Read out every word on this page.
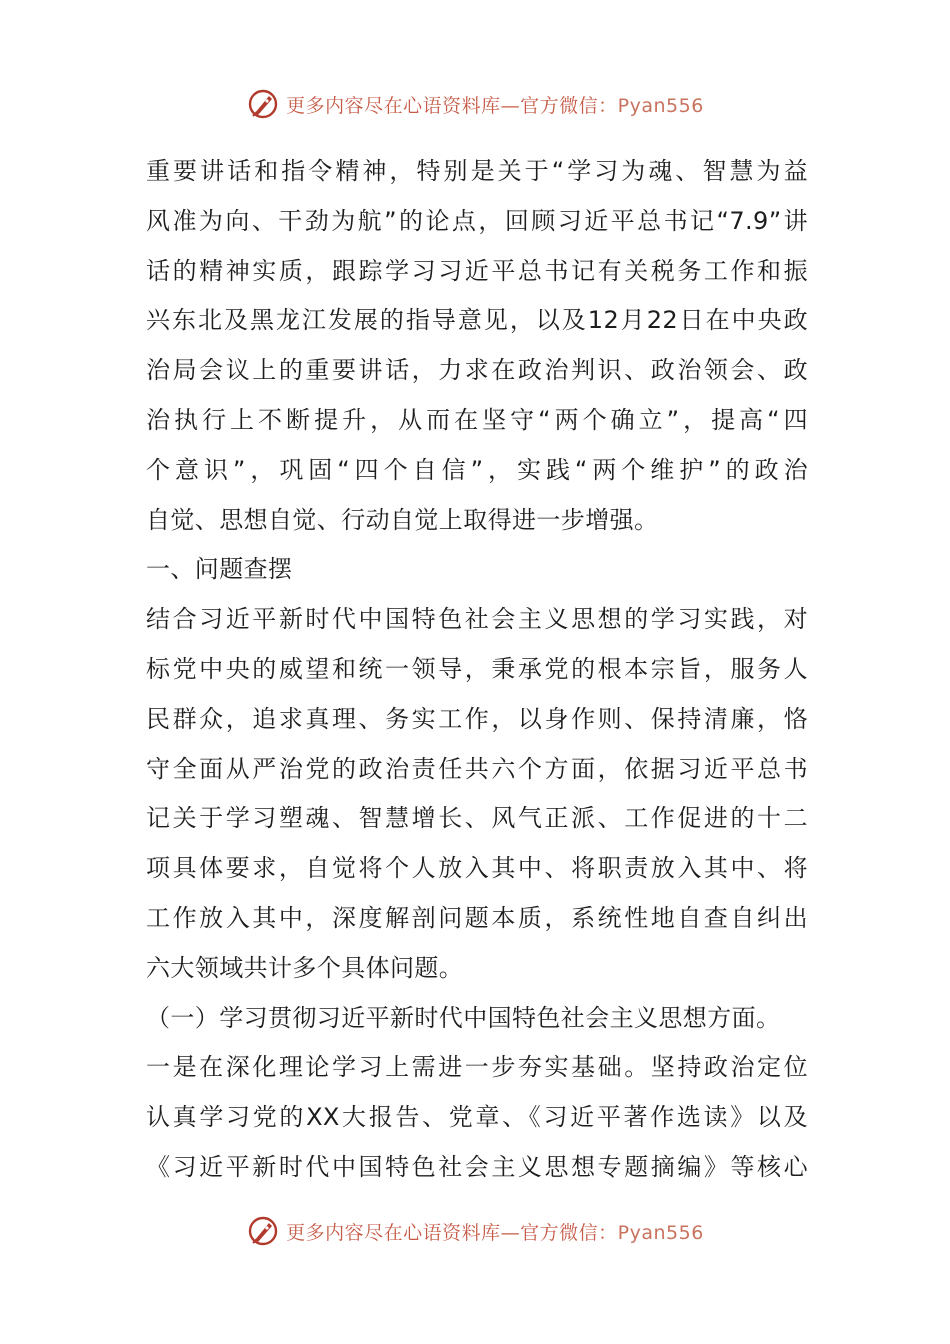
更多内容尽在心语资料库—官方微信：Pyan556
重要讲话和指令精神，特别是关于“学习为魂、智慧为益
风准为向、干劲为航”的论点，回顾习近平总书记“7.9”讲
话的精神实质，跟踪学习习近平总书记有关税务工作和振
兴东北及黑龙江发展的指导意见，以及12月22日在中央政
治局会议上的重要讲话，力求在政治判识、政治领会、政
治执行上不断提升，从而在坚守“两个确立”，提高“四
个意识”，巩固“四个自信”，实践“两个维护”的政治
自觉、思想自觉、行动自觉上取得进一步增强。
一、问题查摆
结合习近平新时代中国特色社会主义思想的学习实践，对
标党中央的威望和统一领导，秉承党的根本宗旨，服务人
民群众，追求真理、务实工作，以身作则、保持清廉，恪
守全面从严治党的政治责任共六个方面，依据习近平总书
记关于学习塑魂、智慧增长、风气正派、工作促进的十二
项具体要求，自觉将个人放入其中、将职责放入其中、将
工作放入其中，深度解剖问题本质，系统性地自查自纠出
六大领域共计多个具体问题。
（一）学习贯彻习近平新时代中国特色社会主义思想方面。
一是在深化理论学习上需进一步夯实基础。坚持政治定位
认真学习党的XX大报告、党章、《习近平著作选读》以及
《习近平新时代中国特色社会主义思想专题摘编》等核心
更多内容尽在心语资料库—官方微信：Pyan556
